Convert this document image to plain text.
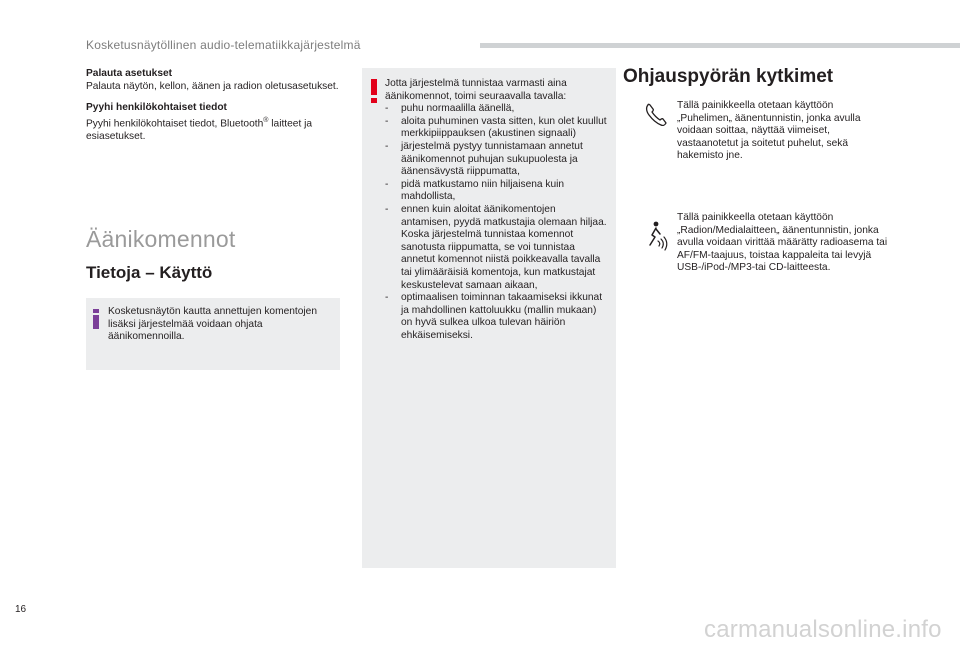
Kosketusnäytöllinen audio-telematiikkajärjestelmä
Palauta asetukset
Palauta näytön, kellon, äänen ja radion oletusasetukset.
Pyyhi henkilökohtaiset tiedot
Pyyhi henkilökohtaiset tiedot, Bluetooth® laitteet ja esiasetukset.
Äänikomennot
Tietoja – Käyttö
Kosketusnäytön kautta annettujen komentojen lisäksi järjestelmää voidaan ohjata äänikomennoilla.
Jotta järjestelmä tunnistaa varmasti aina äänikomennot, toimi seuraavalla tavalla:
- puhu normaalilla äänellä,
- aloita puhuminen vasta sitten, kun olet kuullut merkkipiippauksen (akustinen signaali)
- järjestelmä pystyy tunnistamaan annetut äänikomennot puhujan sukupuolesta ja äänensävystä riippumatta,
- pidä matkustamo niin hiljaisena kuin mahdollista,
- ennen kuin aloitat äänikomentojen antamisen, pyydä matkustajia olemaan hiljaa. Koska järjestelmä tunnistaa komennot sanotusta riippumatta, se voi tunnistaa annetut komennot niistä poikkeavalla tavalla tai ylimääräisiä komentoja, kun matkustajat keskustelevat samaan aikaan,
- optimaalisen toiminnan takaamiseksi ikkunat ja mahdollinen kattoluukku (mallin mukaan) on hyvä sulkea ulkoa tulevan häiriön ehkäisemiseksi.
Ohjauspyörän kytkimet
Tällä painikkeella otetaan käyttöön „Puhelimen„ äänentunnistin, jonka avulla voidaan soittaa, näyttää viimeiset, vastaanotetut ja soitetut puhelut, sekä hakemisto jne.
Tällä painikkeella otetaan käyttöön „Radion/Medialaitteen„ äänentunnistin, jonka avulla voidaan virittää määrätty radioasema tai AF/FM-taajuus, toistaa kappaleita tai levyjä USB-/iPod-/MP3-tai CD-laitteesta.
16
carmanualsonline.info
